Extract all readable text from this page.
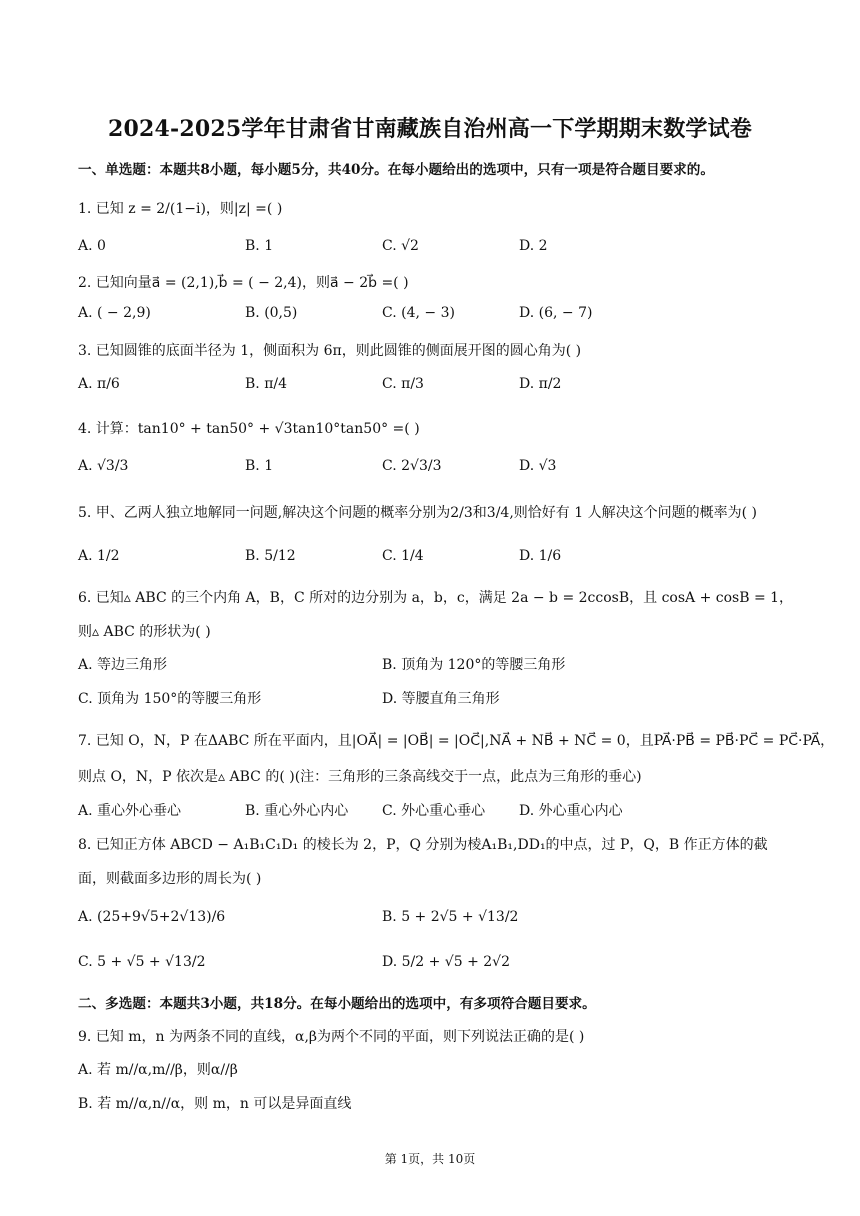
2024-2025学年甘肃省甘南藏族自治州高一下学期期末数学试卷
一、单选题：本题共8小题，每小题5分，共40分。在每小题给出的选项中，只有一项是符合题目要求的。
1. 已知 z = 2/(1−i)，则|z| =( )
A. 0	B. 1	C. √2	D. 2
2. 已知向量a⃗ = (2,1),b⃗ = ( − 2,4)，则a⃗ − 2b⃗ =( )
A. ( − 2,9)	B. (0,5)	C. (4, − 3)	D. (6, − 7)
3. 已知圆锥的底面半径为 1，侧面积为 6π，则此圆锥的侧面展开图的圆心角为( )
A. π/6	B. π/4	C. π/3	D. π/2
4. 计算：tan10° + tan50° + √3tan10°tan50° =( )
A. √3/3	B. 1	C. 2√3/3	D. √3
5. 甲、乙两人独立地解同一问题,解决这个问题的概率分别为2/3和3/4,则恰好有 1 人解决这个问题的概率为( )
A. 1/2	B. 5/12	C. 1/4	D. 1/6
6. 已知▵ ABC 的三个内角 A，B，C 所对的边分别为 a，b，c，满足 2a − b = 2ccosB，且 cosA + cosB = 1，
则▵ ABC 的形状为( )
A. 等边三角形	B. 顶角为 120°的等腰三角形
C. 顶角为 150°的等腰三角形	D. 等腰直角三角形
7. 已知 O，N，P 在ΔABC 所在平面内，且|OA⃗| = |OB⃗| = |OC⃗|,NA⃗ + NB⃗ + NC⃗ = 0，且PA⃗·PB⃗ = PB⃗·PC⃗ = PC⃗·PA⃗，
则点 O，N，P 依次是▵ ABC 的( )(注：三角形的三条高线交于一点，此点为三角形的垂心)
A. 重心外心垂心	B. 重心外心内心 C. 外心重心垂心 D. 外心重心内心
8. 已知正方体 ABCD − A₁B₁C₁D₁ 的棱长为 2，P，Q 分别为棱A₁B₁,DD₁的中点，过 P，Q，B 作正方体的截
面，则截面多边形的周长为( )
A. (25+9√5+2√13)/6	B. 5 + 2√5 + √13/2
C. 5 + √5 + √13/2	D. 5/2 + √5 + 2√2
二、多选题：本题共3小题，共18分。在每小题给出的选项中，有多项符合题目要求。
9. 已知 m，n 为两条不同的直线，α,β为两个不同的平面，则下列说法正确的是( )
A. 若 m//α,m//β，则α//β
B. 若 m//α,n//α，则 m，n 可以是异面直线
第 1页，共 10页
